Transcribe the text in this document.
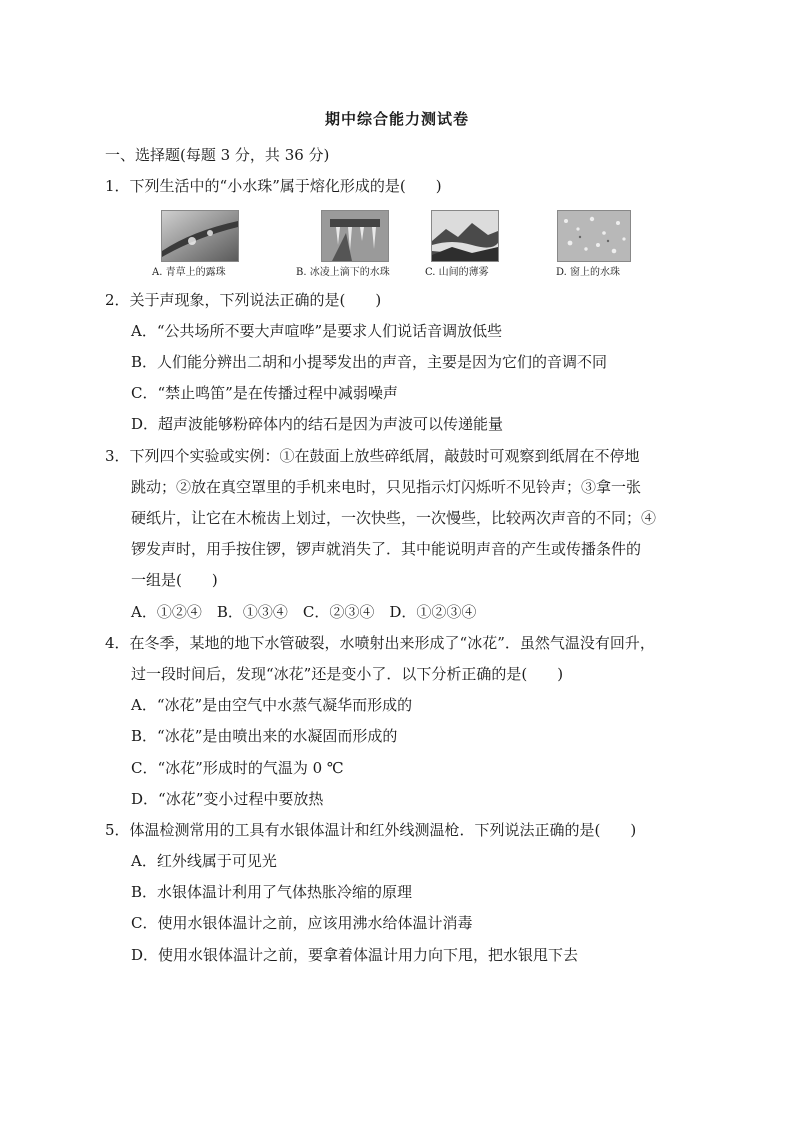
期中综合能力测试卷
一、选择题(每题 3 分，共 36 分)
1．下列生活中的“小水珠”属于熔化形成的是(　　)
A. 青草上的露珠	B. 冰凌上滴下的水珠	C. 山间的薄雾	D. 窗上的水珠
2．关于声现象，下列说法正确的是(　　)
A．“公共场所不要大声喧哗”是要求人们说话音调放低些
B．人们能分辨出二胡和小提琴发出的声音，主要是因为它们的音调不同
C．“禁止鸣笛”是在传播过程中减弱噪声
D．超声波能够粉碎体内的结石是因为声波可以传递能量
3．下列四个实验或实例：①在鼓面上放些碎纸屑，敲鼓时可观察到纸屑在不停地
跳动；②放在真空罩里的手机来电时，只见指示灯闪烁听不见铃声；③拿一张
硬纸片，让它在木梳齿上划过，一次快些，一次慢些，比较两次声音的不同；④
锣发声时，用手按住锣，锣声就消失了．其中能说明声音的产生或传播条件的
一组是(　　)
A．①②④　B．①③④　C．②③④　D．①②③④
4．在冬季，某地的地下水管破裂，水喷射出来形成了“冰花”．虽然气温没有回升，
过一段时间后，发现“冰花”还是变小了．以下分析正确的是(　　)
A．“冰花”是由空气中水蒸气凝华而形成的
B．“冰花”是由喷出来的水凝固而形成的
C．“冰花”形成时的气温为 0 ℃
D．“冰花”变小过程中要放热
5．体温检测常用的工具有水银体温计和红外线测温枪．下列说法正确的是(　　)
A．红外线属于可见光
B．水银体温计利用了气体热胀冷缩的原理
C．使用水银体温计之前，应该用沸水给体温计消毒
D．使用水银体温计之前，要拿着体温计用力向下甩，把水银甩下去
